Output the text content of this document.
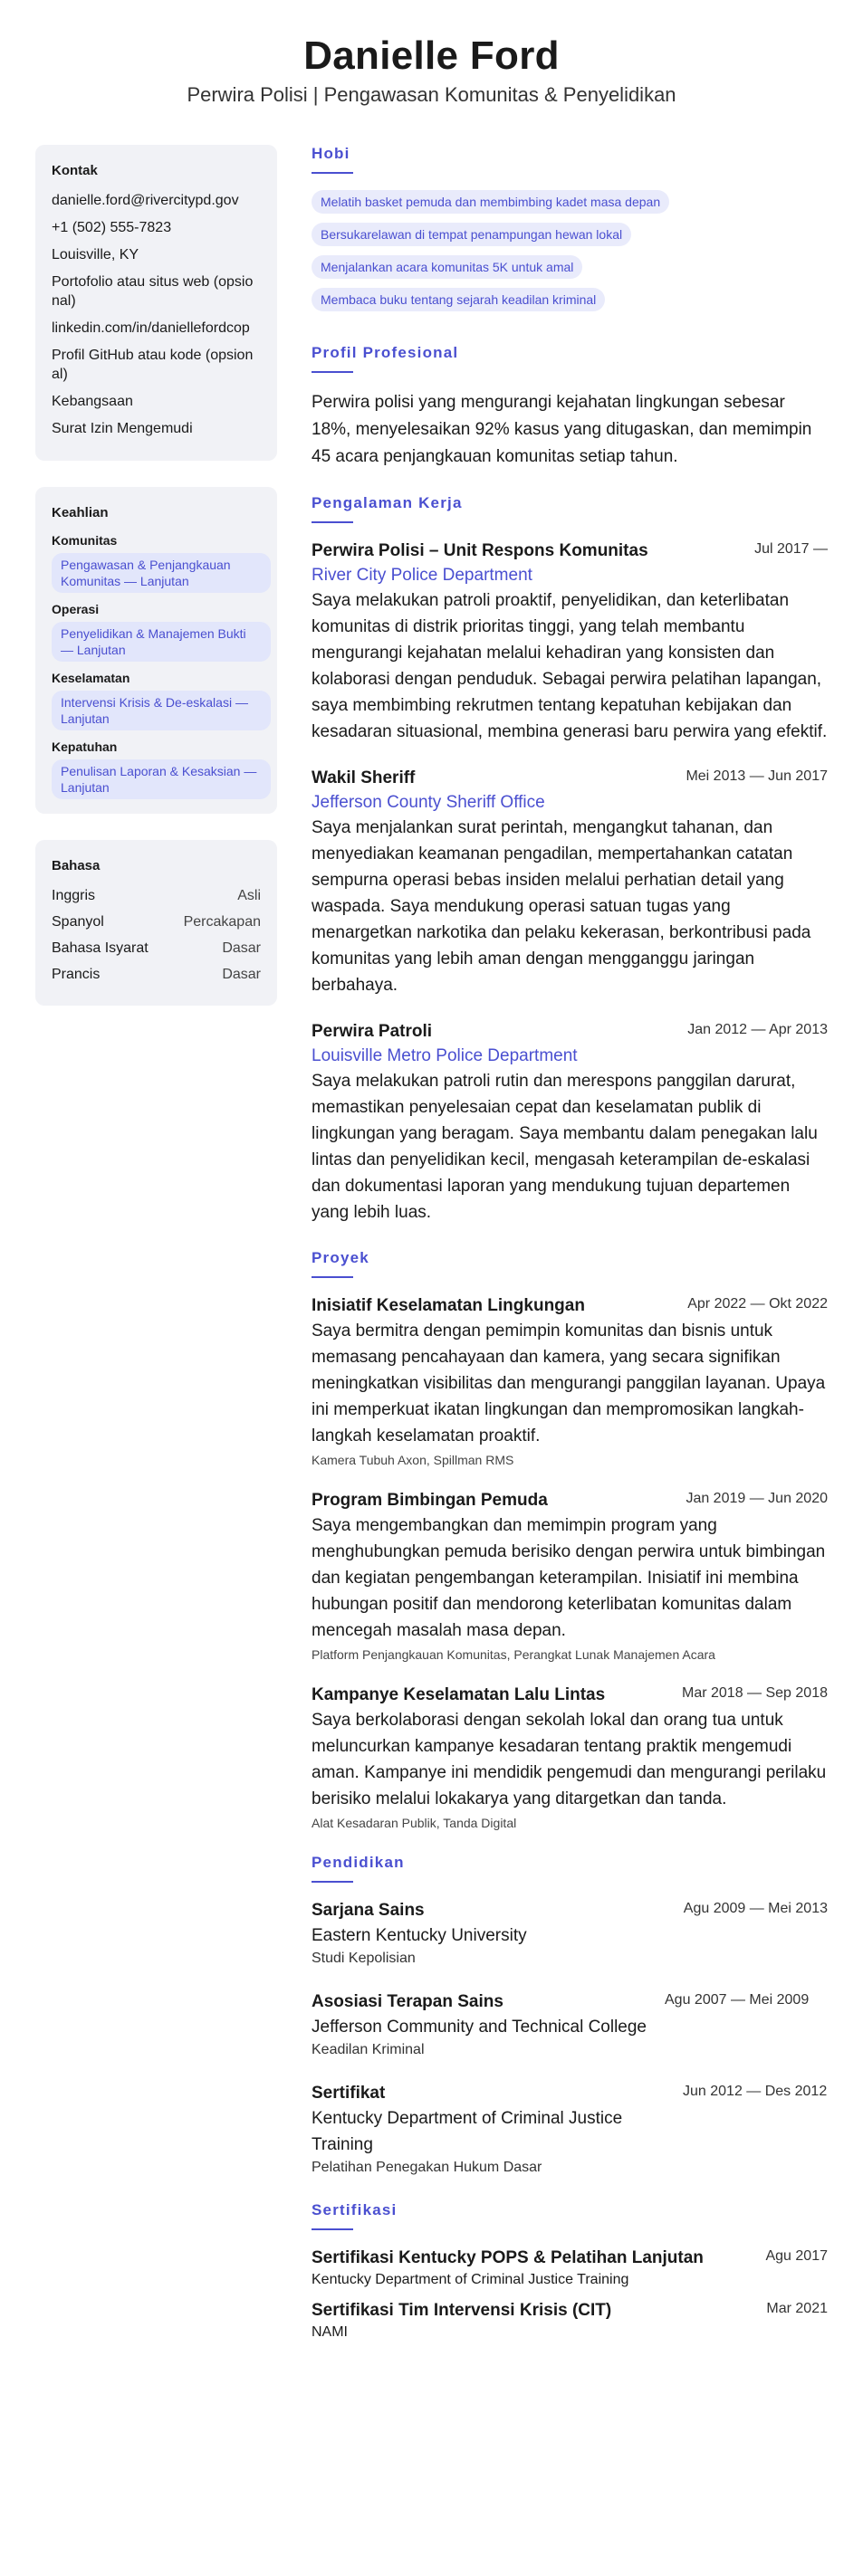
Danielle Ford
Perwira Polisi | Pengawasan Komunitas & Penyelidikan
Kontak
danielle.ford@rivercitypd.gov
+1 (502) 555-7823
Louisville, KY
Portofolio atau situs web (opsional)
linkedin.com/in/daniellefordcop
Profil GitHub atau kode (opsional)
Kebangsaan
Surat Izin Mengemudi
Keahlian
Komunitas
Pengawasan & Penjangkauan Komunitas — Lanjutan
Operasi
Penyelidikan & Manajemen Bukti — Lanjutan
Keselamatan
Intervensi Krisis & De-eskalasi — Lanjutan
Kepatuhan
Penulisan Laporan & Kesaksian — Lanjutan
Bahasa
Inggris	Asli
Spanyol	Percakapan
Bahasa Isyarat	Dasar
Prancis	Dasar
Hobi
Melatih basket pemuda dan membimbing kadet masa depan
Bersukarelawan di tempat penampungan hewan lokal
Menjalankan acara komunitas 5K untuk amal
Membaca buku tentang sejarah keadilan kriminal
Profil Profesional
Perwira polisi yang mengurangi kejahatan lingkungan sebesar 18%, menyelesaikan 92% kasus yang ditugaskan, dan memimpin 45 acara penjangkauan komunitas setiap tahun.
Pengalaman Kerja
Perwira Polisi – Unit Respons Komunitas	Jul 2017 —
River City Police Department
Saya melakukan patroli proaktif, penyelidikan, dan keterlibatan komunitas di distrik prioritas tinggi, yang telah membantu mengurangi kejahatan melalui kehadiran yang konsisten dan kolaborasi dengan penduduk. Sebagai perwira pelatihan lapangan, saya membimbing rekrutmen tentang kepatuhan kebijakan dan kesadaran situasional, membina generasi baru perwira yang efektif.
Wakil Sheriff	Mei 2013 — Jun 2017
Jefferson County Sheriff Office
Saya menjalankan surat perintah, mengangkut tahanan, dan menyediakan keamanan pengadilan, mempertahankan catatan sempurna operasi bebas insiden melalui perhatian detail yang waspada. Saya mendukung operasi satuan tugas yang menargetkan narkotika dan pelaku kekerasan, berkontribusi pada komunitas yang lebih aman dengan mengganggu jaringan berbahaya.
Perwira Patroli	Jan 2012 — Apr 2013
Louisville Metro Police Department
Saya melakukan patroli rutin dan merespons panggilan darurat, memastikan penyelesaian cepat dan keselamatan publik di lingkungan yang beragam. Saya membantu dalam penegakan lalu lintas dan penyelidikan kecil, mengasah keterampilan de-eskalasi dan dokumentasi laporan yang mendukung tujuan departemen yang lebih luas.
Proyek
Inisiatif Keselamatan Lingkungan	Apr 2022 — Okt 2022
Saya bermitra dengan pemimpin komunitas dan bisnis untuk memasang pencahayaan dan kamera, yang secara signifikan meningkatkan visibilitas dan mengurangi panggilan layanan. Upaya ini memperkuat ikatan lingkungan dan mempromosikan langkah-langkah keselamatan proaktif.
Kamera Tubuh Axon, Spillman RMS
Program Bimbingan Pemuda	Jan 2019 — Jun 2020
Saya mengembangkan dan memimpin program yang menghubungkan pemuda berisiko dengan perwira untuk bimbingan dan kegiatan pengembangan keterampilan. Inisiatif ini membina hubungan positif dan mendorong keterlibatan komunitas dalam mencegah masalah masa depan.
Platform Penjangkauan Komunitas, Perangkat Lunak Manajemen Acara
Kampanye Keselamatan Lalu Lintas	Mar 2018 — Sep 2018
Saya berkolaborasi dengan sekolah lokal dan orang tua untuk meluncurkan kampanye kesadaran tentang praktik mengemudi aman. Kampanye ini mendidik pengemudi dan mengurangi perilaku berisiko melalui lokakarya yang ditargetkan dan tanda.
Alat Kesadaran Publik, Tanda Digital
Pendidikan
Sarjana Sains	Agu 2009 — Mei 2013
Eastern Kentucky University
Studi Kepolisian
Asosiasi Terapan Sains	Agu 2007 — Mei 2009
Jefferson Community and Technical College
Keadilan Kriminal
Sertifikat	Jun 2012 — Des 2012
Kentucky Department of Criminal Justice Training
Pelatihan Penegakan Hukum Dasar
Sertifikasi
Sertifikasi Kentucky POPS & Pelatihan Lanjutan	Agu 2017
Kentucky Department of Criminal Justice Training
Sertifikasi Tim Intervensi Krisis (CIT)	Mar 2021
NAMI
